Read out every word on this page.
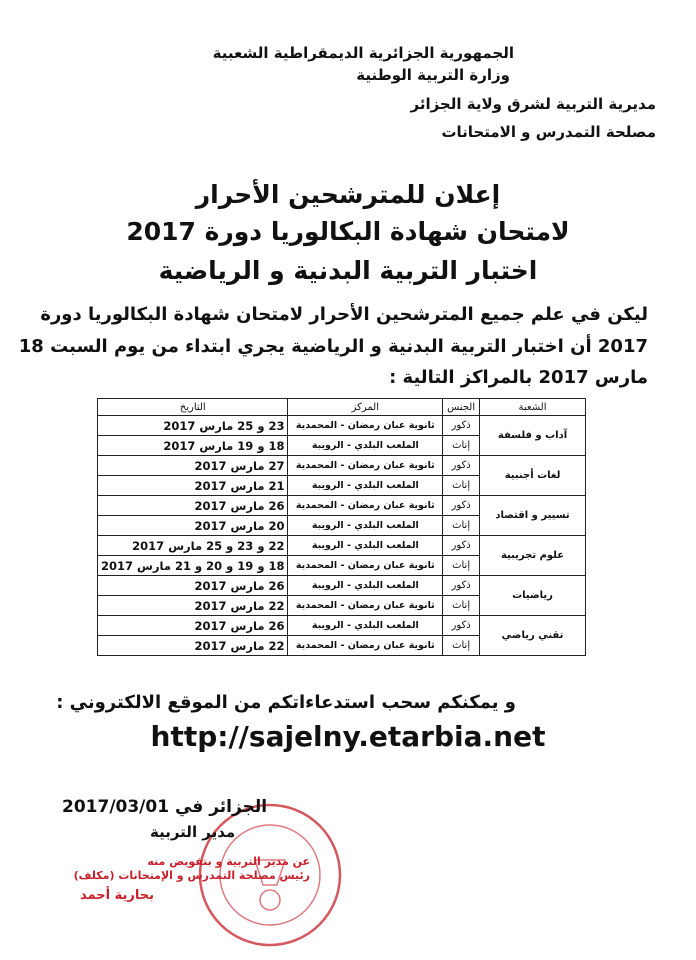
الجمهورية الجزائرية الديمقراطية الشعبية
وزارة التربية الوطنية
مديرية التربية لشرق ولاية الجزائر
مصلحة التمدرس و الامتحانات
إعلان للمترشحين الأحرار
لامتحان شهادة البكالوريا دورة 2017
اختبار التربية البدنية و الرياضية
ليكن في علم جميع المترشحين الأحرار لامتحان شهادة البكالوريا دورة
2017 أن اختبار التربية البدنية و الرياضية يجري ابتداء من يوم السبت 18
مارس 2017 بالمراكز التالية :
الشعبة	الجنس	المركز	التاريخ
آداب و فلسفة	ذكور	ثانوية عبان رمضان - المحمدية	23 و 25 مارس 2017
	إناث	الملعب البلدي - الرويبة	18 و 19 مارس 2017
لغات أجنبية	ذكور	ثانوية عبان رمضان - المحمدية	27 مارس 2017
	إناث	الملعب البلدي - الرويبة	21 مارس 2017
تسيير و اقتصاد	ذكور	ثانوية عبان رمضان - المحمدية	26 مارس 2017
	إناث	الملعب البلدي - الرويبة	20 مارس 2017
علوم تجريبية	ذكور	الملعب البلدي - الرويبة	22 و 23 و 25 مارس 2017
	إناث	ثانوية عبان رمضان - المحمدية	18 و 19 و 20 و 21 مارس 2017
رياضيات	ذكور	الملعب البلدي - الرويبة	26 مارس 2017
	إناث	ثانوية عبان رمضان - المحمدية	22 مارس 2017
تقني رياضي	ذكور	الملعب البلدي - الرويبة	26 مارس 2017
	إناث	ثانوية عبان رمضان - المحمدية	22 مارس 2017
و يمكنكم سحب استدعاءاتكم من الموقع الالكتروني :
http://sajelny.etarbia.net
الجزائر في 2017/03/01
مدير التربية
عن مدير التربية و بتفويض منه
رئيس مصلحة التمدرس و الإمتحانات (مكلف)
بحارية أحمد
